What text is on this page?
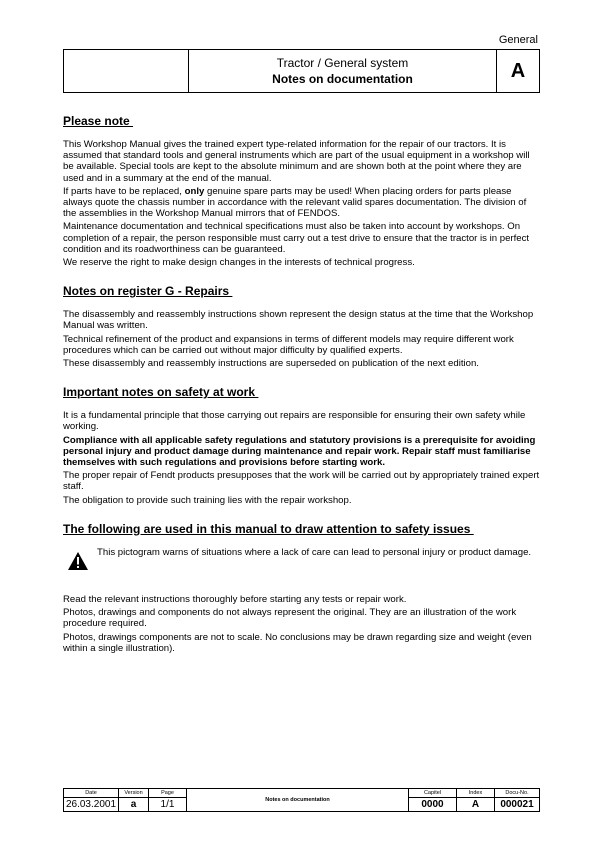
General
Tractor / General system
Notes on documentation	A
Please note

This Workshop Manual gives the trained expert type-related information for the repair of our tractors. It is assumed that standard tools and general instruments which are part of the usual equipment in a workshop will be available. Special tools are kept to the absolute minimum and are shown both at the point where they are used and in a summary at the end of the manual.

If parts have to be replaced, only genuine spare parts may be used! When placing orders for parts please always quote the chassis number in accordance with the relevant valid spares documentation. The division of the assemblies in the Workshop Manual mirrors that of FENDOS.

Maintenance documentation and technical specifications must also be taken into account by workshops. On completion of a repair, the person responsible must carry out a test drive to ensure that the tractor is in perfect condition and its roadworthiness can be guaranteed.

We reserve the right to make design changes in the interests of technical progress.

Notes on register G - Repairs

The disassembly and reassembly instructions shown represent the design status at the time that the Workshop Manual was written.

Technical refinement of the product and expansions in terms of different models may require different work procedures which can be carried out without major difficulty by qualified experts.

These disassembly and reassembly instructions are superseded on publication of the next edition.

Important notes on safety at work

It is a fundamental principle that those carrying out repairs are responsible for ensuring their own safety while working.

Compliance with all applicable safety regulations and statutory provisions is a prerequisite for avoiding personal injury and product damage during maintenance and repair work. Repair staff must familiarise themselves with such regulations and provisions before starting work.

The proper repair of Fendt products presupposes that the work will be carried out by appropriately trained expert staff.

The obligation to provide such training lies with the repair workshop.

The following are used in this manual to draw attention to safety issues
This pictogram warns of situations where a lack of care can lead to personal injury or product damage.

Read the relevant instructions thoroughly before starting any tests or repair work.

Photos, drawings and components do not always represent the original. They are an illustration of the work procedure required.

Photos, drawings components are not to scale. No conclusions may be drawn regarding size and weight (even within a single illustration).

Date	Version	Page	Notes on documentation	Capitel	Index	Docu-No.
26.03.2001	a	1/1		0000	A	000021
